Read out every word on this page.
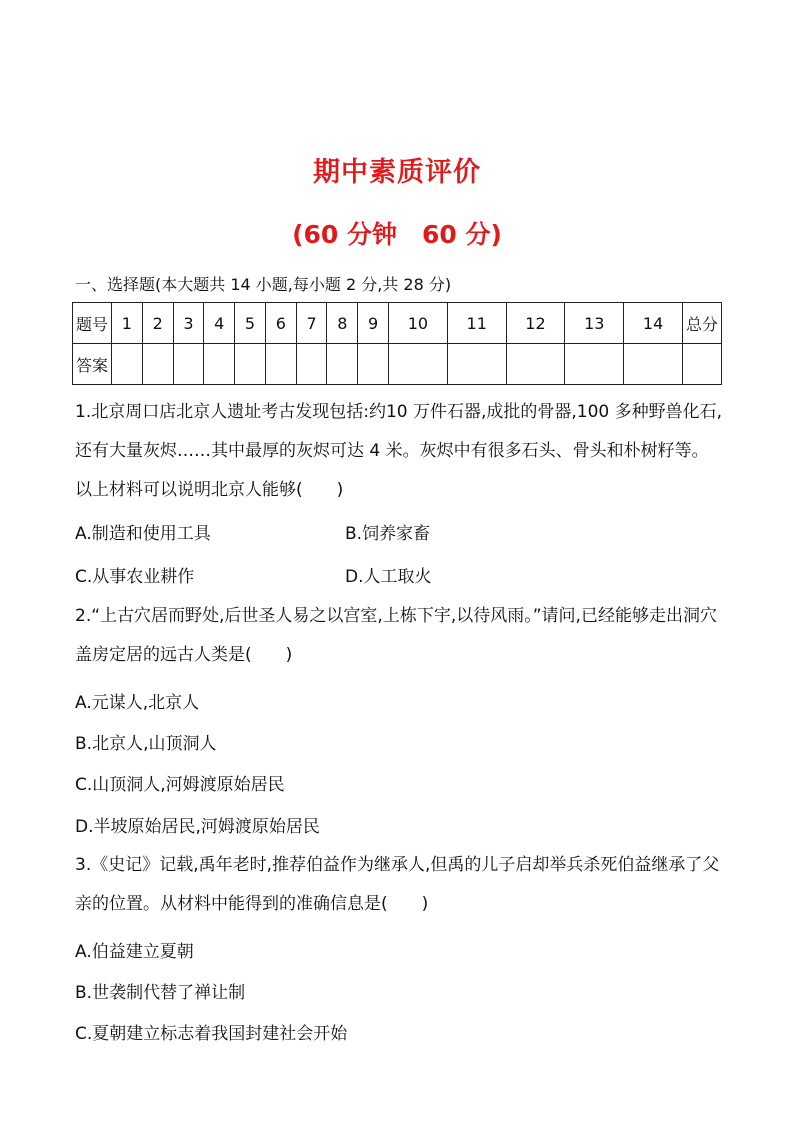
期中素质评价
(60 分钟　60 分)
一、选择题(本大题共 14 小题,每小题 2 分,共 28 分)
题号	1	2	3	4	5	6	7	8	9	10	11	12	13	14	总分
答案															
1.北京周口店北京人遗址考古发现包括:约10 万件石器,成批的骨器,100 多种野兽化石,还有大量灰烬……其中最厚的灰烬可达 4 米。灰烬中有很多石头、骨头和朴树籽等。以上材料可以说明北京人能够(　　)
A.制造和使用工具	B.饲养家畜
C.从事农业耕作	D.人工取火
2.“上古穴居而野处,后世圣人易之以宫室,上栋下宇,以待风雨。”请问,已经能够走出洞穴盖房定居的远古人类是(　　)
A.元谋人,北京人
B.北京人,山顶洞人
C.山顶洞人,河姆渡原始居民
D.半坡原始居民,河姆渡原始居民
3.《史记》记载,禹年老时,推荐伯益作为继承人,但禹的儿子启却举兵杀死伯益继承了父亲的位置。从材料中能得到的准确信息是(　　)
A.伯益建立夏朝
B.世袭制代替了禅让制
C.夏朝建立标志着我国封建社会开始
